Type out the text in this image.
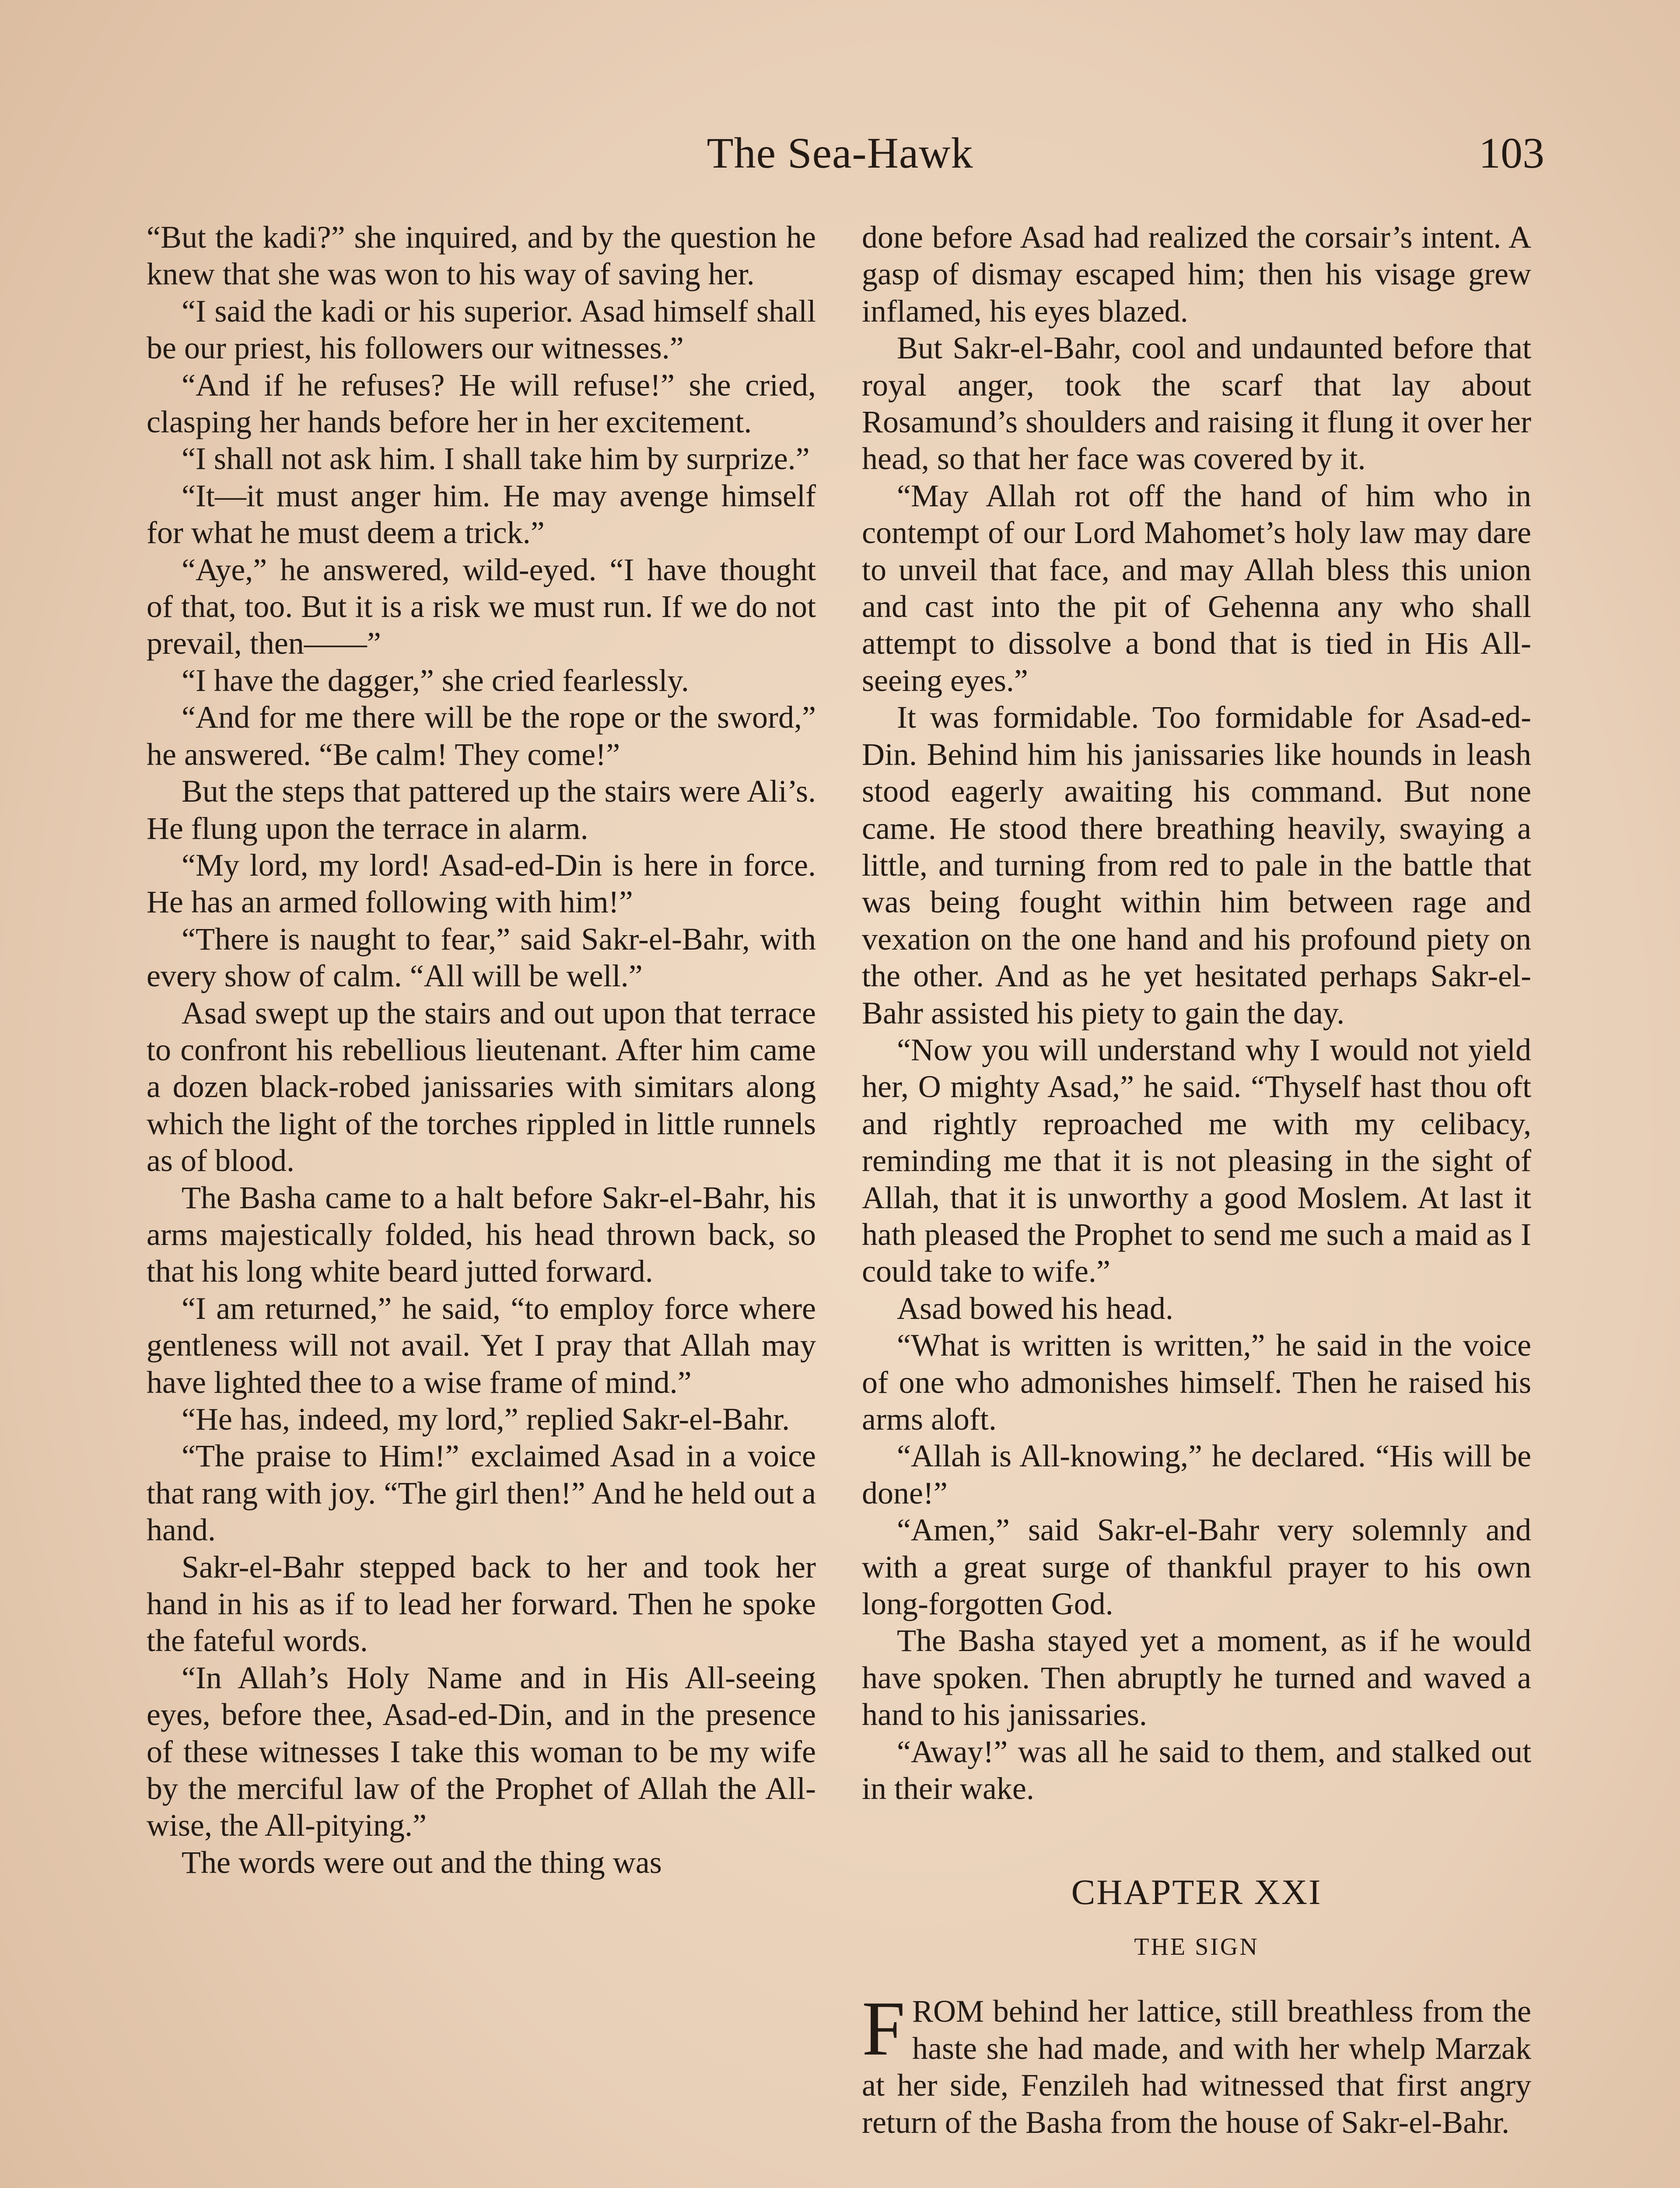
The Sea-Hawk	103

“But the kadi?” she inquired, and by the question he knew that she was won to his way of saving her.

“I said the kadi or his superior. Asad himself shall be our priest, his followers our witnesses.”

“And if he refuses? He will refuse!” she cried, clasping her hands before her in her excitement.

“I shall not ask him. I shall take him by surprize.”

“It—it must anger him. He may avenge himself for what he must deem a trick.”

“Aye,” he answered, wild-eyed. “I have thought of that, too. But it is a risk we must run. If we do not prevail, then——”

“I have the dagger,” she cried fearlessly.

“And for me there will be the rope or the sword,” he answered. “Be calm! They come!”

But the steps that pattered up the stairs were Ali’s. He flung upon the terrace in alarm.

“My lord, my lord! Asad-ed-Din is here in force. He has an armed following with him!”

“There is naught to fear,” said Sakr-el-Bahr, with every show of calm. “All will be well.”

Asad swept up the stairs and out upon that terrace to confront his rebellious lieutenant. After him came a dozen black-robed janissaries with simitars along which the light of the torches rippled in little runnels as of blood.

The Basha came to a halt before Sakr-el-Bahr, his arms majestically folded, his head thrown back, so that his long white beard jutted forward.

“I am returned,” he said, “to employ force where gentleness will not avail. Yet I pray that Allah may have lighted thee to a wise frame of mind.”

“He has, indeed, my lord,” replied Sakr-el-Bahr.

“The praise to Him!” exclaimed Asad in a voice that rang with joy. “The girl then!” And he held out a hand.

Sakr-el-Bahr stepped back to her and took her hand in his as if to lead her forward. Then he spoke the fateful words.

“In Allah’s Holy Name and in His All-seeing eyes, before thee, Asad-ed-Din, and in the presence of these witnesses I take this woman to be my wife by the merciful law of the Prophet of Allah the All-wise, the All-pitying.”

The words were out and the thing was

done before Asad had realized the corsair’s intent. A gasp of dismay escaped him; then his visage grew inflamed, his eyes blazed.

But Sakr-el-Bahr, cool and undaunted before that royal anger, took the scarf that lay about Rosamund’s shoulders and raising it flung it over her head, so that her face was covered by it.

“May Allah rot off the hand of him who in contempt of our Lord Mahomet’s holy law may dare to unveil that face, and may Allah bless this union and cast into the pit of Gehenna any who shall attempt to dissolve a bond that is tied in His All-seeing eyes.”

It was formidable. Too formidable for Asad-ed-Din. Behind him his janissaries like hounds in leash stood eagerly awaiting his command. But none came. He stood there breathing heavily, swaying a little, and turning from red to pale in the battle that was being fought within him between rage and vexation on the one hand and his profound piety on the other. And as he yet hesitated perhaps Sakr-el-Bahr assisted his piety to gain the day.

“Now you will understand why I would not yield her, O mighty Asad,” he said. “Thyself hast thou oft and rightly reproached me with my celibacy, reminding me that it is not pleasing in the sight of Allah, that it is unworthy a good Moslem. At last it hath pleased the Prophet to send me such a maid as I could take to wife.”

Asad bowed his head.

“What is written is written,” he said in the voice of one who admonishes himself. Then he raised his arms aloft.

“Allah is All-knowing,” he declared. “His will be done!”

“Amen,” said Sakr-el-Bahr very solemnly and with a great surge of thankful prayer to his own long-forgotten God.

The Basha stayed yet a moment, as if he would have spoken. Then abruptly he turned and waved a hand to his janissaries.

“Away!” was all he said to them, and stalked out in their wake.

CHAPTER XXI

THE SIGN

FROM behind her lattice, still breathless from the haste she had made, and with her whelp Marzak at her side, Fenzileh had witnessed that first angry return of the Basha from the house of Sakr-el-Bahr.
